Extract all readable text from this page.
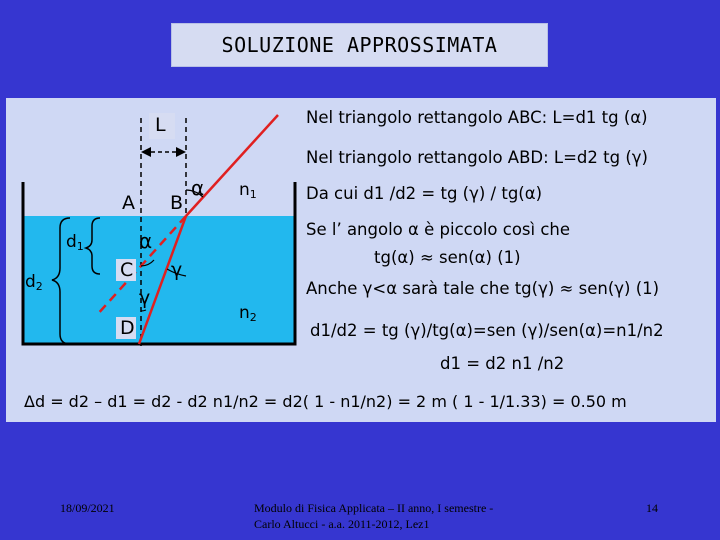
SOLUZIONE APPROSSIMATA
L
A B
α $n_1$
$d_1$	α
C γ
$d_2$
γ
$n_2$
D
Nel triangolo rettangolo ABC: L=d1 tg (α)
Nel triangolo rettangolo ABD: L=d2 tg (γ)
Da cui d1 /d2 = tg (γ) / tg(α)
Se l’ angolo α è piccolo così che
tg(α) ≈ sen(α) (1)
Anche γ<α sarà tale che tg(γ) ≈ sen(γ) (1)
d1/d2 = tg (γ)/tg(α)=sen (γ)/sen(α)=n1/n2
d1 = d2 n1 /n2
Δd = d2 – d1 = d2 - d2 n1/n2 = d2( 1 - n1/n2) = 2 m ( 1 - 1/1.33) = 0.50 m
18/09/2021	Modulo di Fisica Applicata – II anno, I semestre -
Carlo Altucci - a.a. 2011-2012, Lez1
14
